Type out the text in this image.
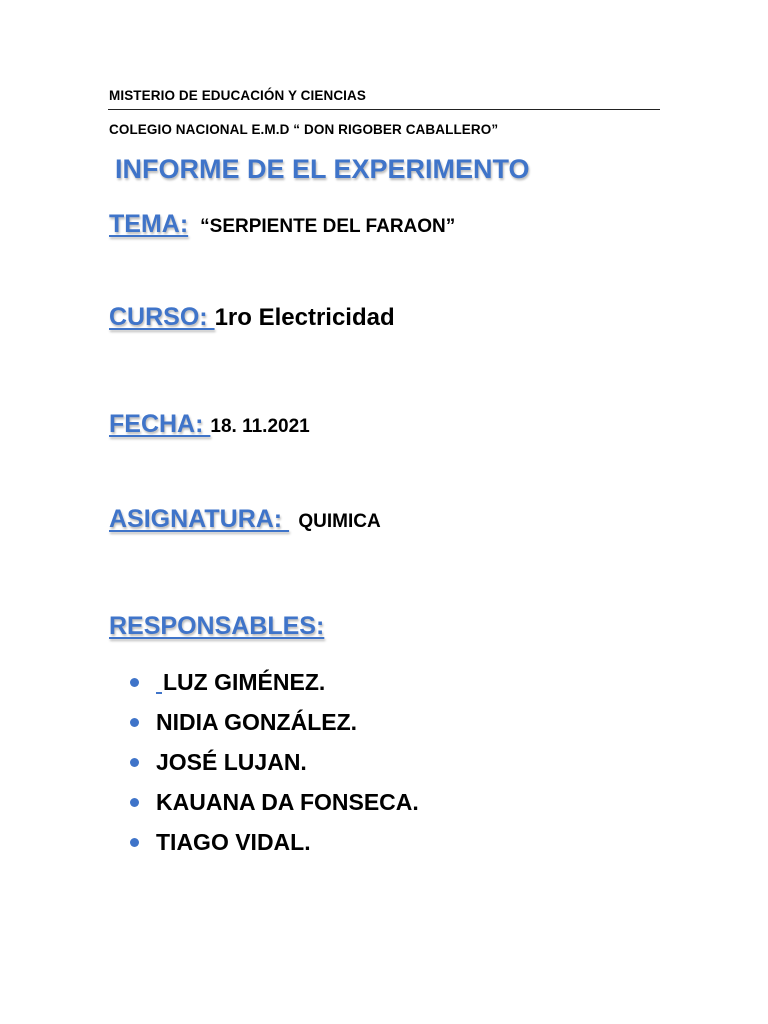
MISTERIO DE EDUCACIÓN Y CIENCIAS
COLEGIO NACIONAL E.M.D “ DON RIGOBER CABALLERO”
INFORME DE EL EXPERIMENTO
TEMA: “SERPIENTE DEL FARAON”
CURSO: 1ro Electricidad
FECHA: 18. 11.2021
ASIGNATURA: QUIMICA
RESPONSABLES:
LUZ GIMÉNEZ.
NIDIA GONZÁLEZ.
JOSÉ LUJAN.
KAUANA DA FONSECA.
TIAGO VIDAL.
